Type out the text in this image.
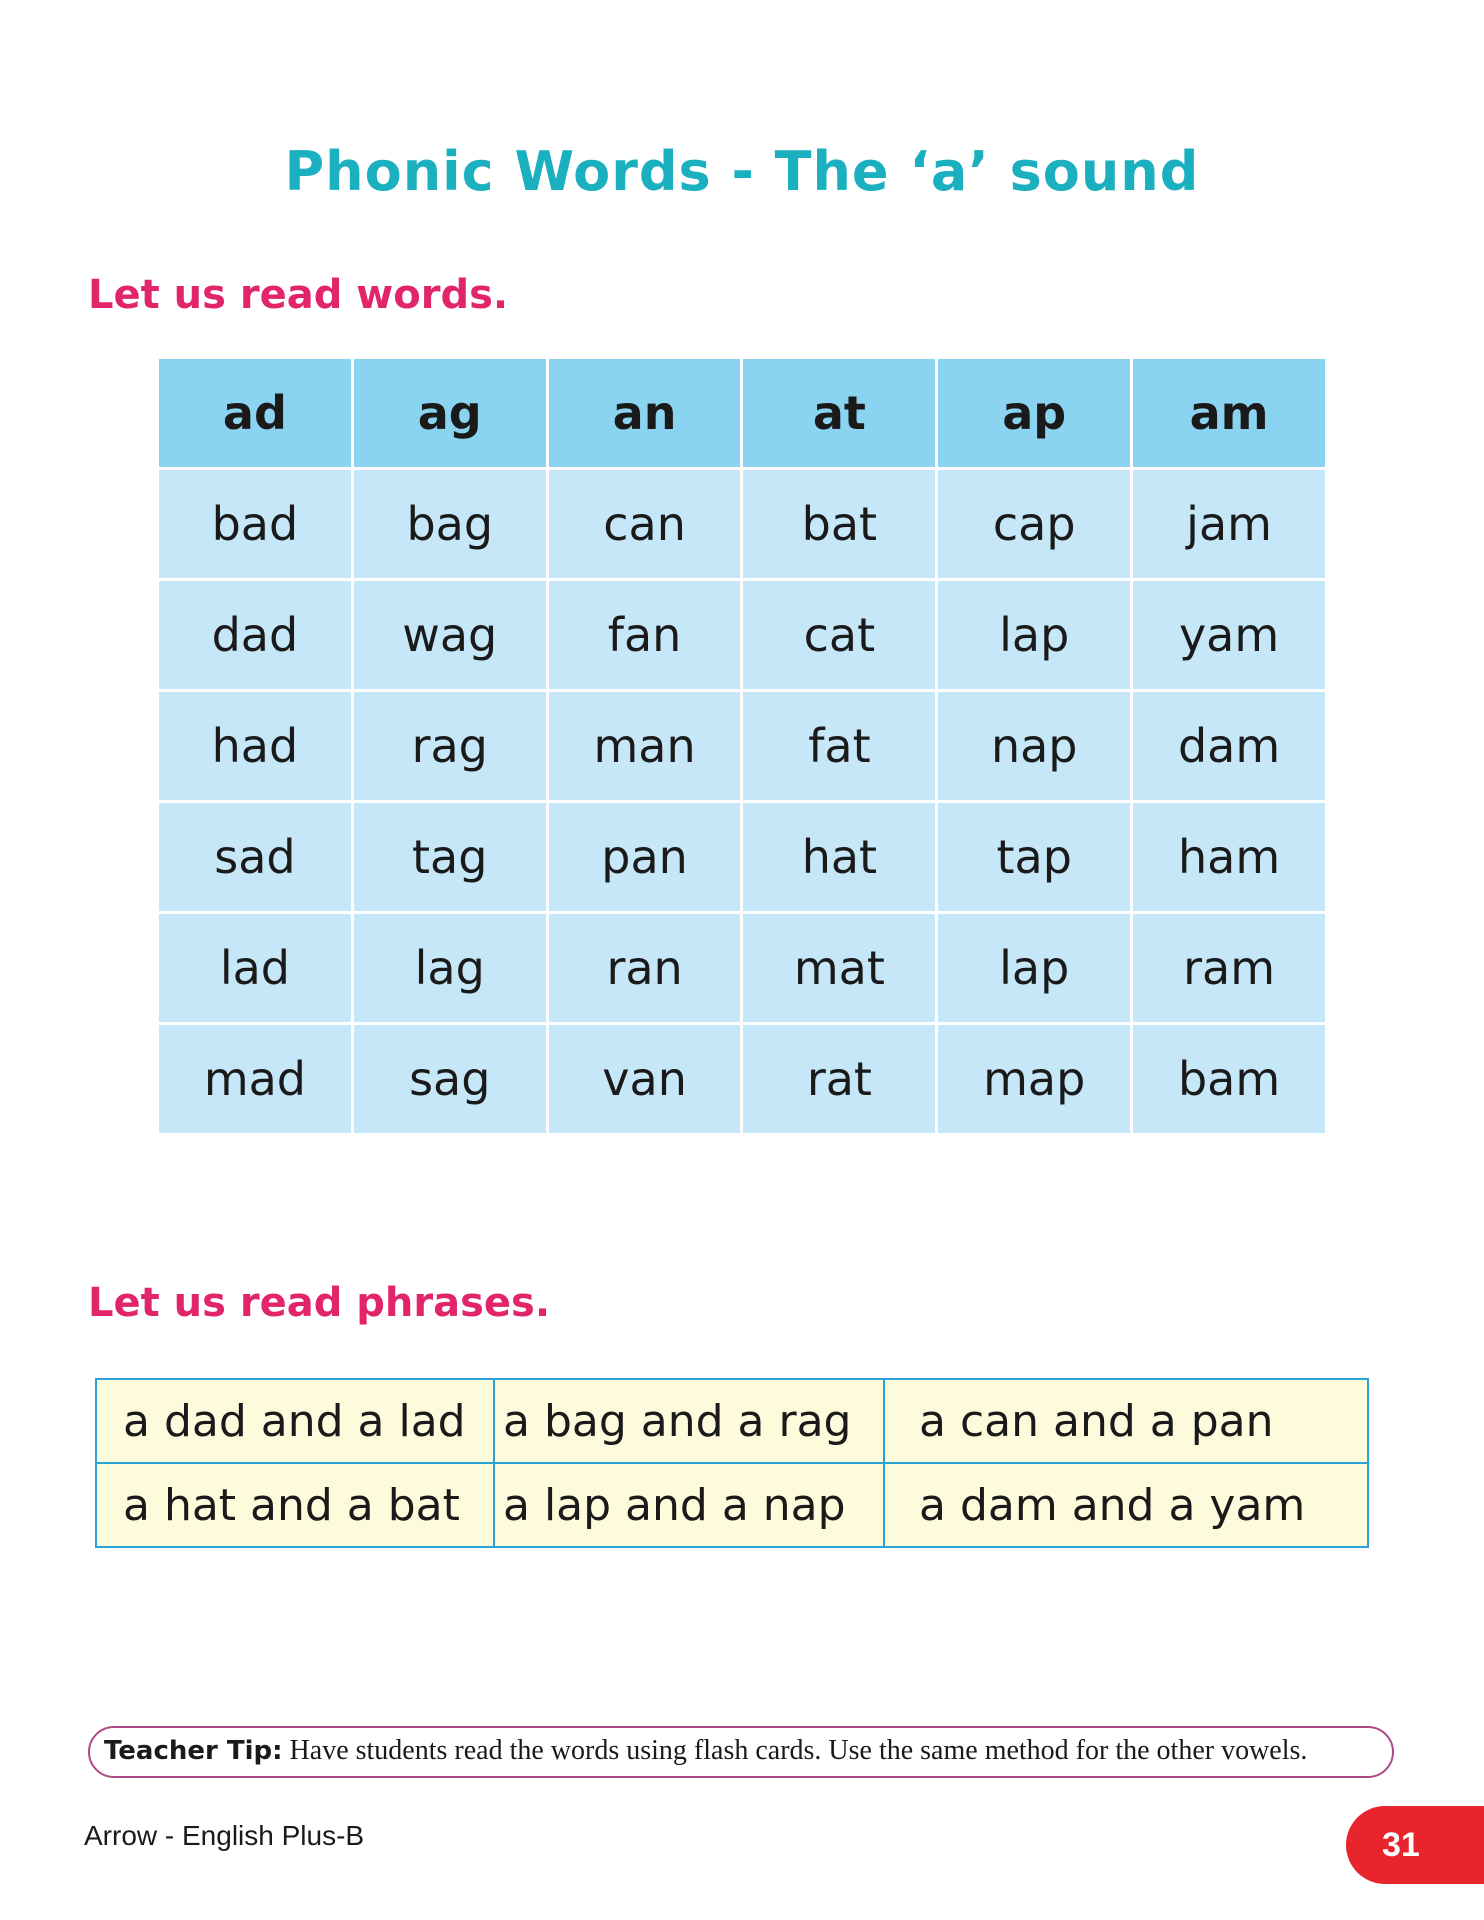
Phonic Words - The ‘a’ sound
Let us read words.
ad	ag	an	at	ap	am
bad	bag	can	bat	cap	jam
dad	wag	fan	cat	lap	yam
had	rag	man	fat	nap	dam
sad	tag	pan	hat	tap	ham
lad	lag	ran	mat	lap	ram
mad	sag	van	rat	map	bam
Let us read phrases.
a dad and a lad	a bag and a rag	a can and a pan
a hat and a bat	a lap and a nap	a dam and a yam
Teacher Tip: Have students read the words using flash cards. Use the same method for the other vowels.
Arrow - English Plus-B	31
